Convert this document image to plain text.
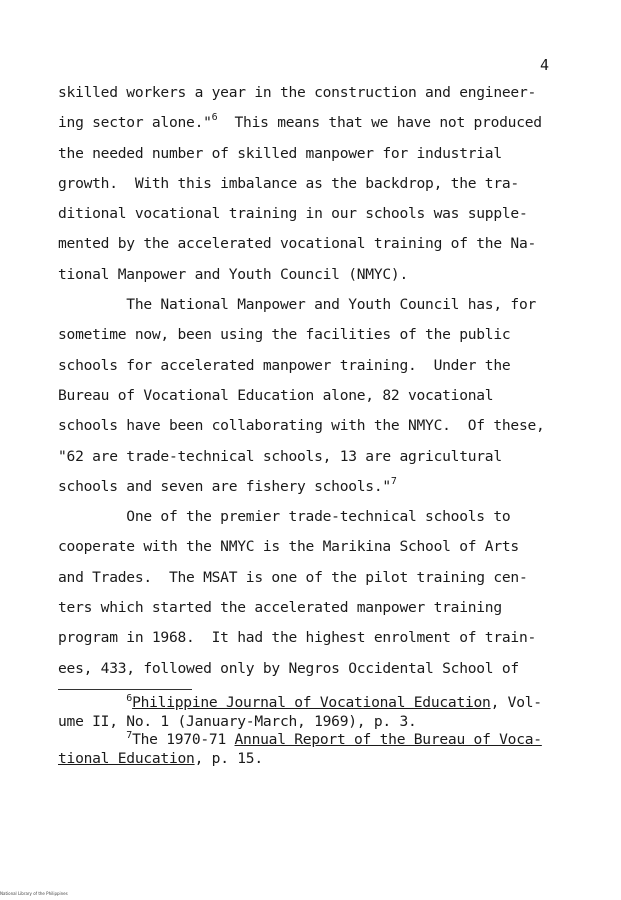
4
skilled workers a year in the construction and engineer-
ing sector alone."$^6$  This means that we have not produced
the needed number of skilled manpower for industrial
growth.  With this imbalance as the backdrop, the tra-
ditional vocational training in our schools was supple-
mented by the accelerated vocational training of the Na-
tional Manpower and Youth Council (NMYC).
The National Manpower and Youth Council has, for
sometime now, been using the facilities of the public
schools for accelerated manpower training.  Under the
Bureau of Vocational Education alone, 82 vocational
schools have been collaborating with the NMYC.  Of these,
"62 are trade-technical schools, 13 are agricultural
schools and seven are fishery schools."$^7$
One of the premier trade-technical schools to
cooperate with the NMYC is the Marikina School of Arts
and Trades.  The MSAT is one of the pilot training cen-
ters which started the accelerated manpower training
program in 1968.  It had the highest enrolment of train-
ees, 433, followed only by Negros Occidental School of
$^6$Philippine Journal of Vocational Education, Vol-
ume II, No. 1 (January-March, 1969), p. 3.
$^7$The 1970-71 Annual Report of the Bureau of Voca-
tional Education, p. 15.
National Library of the Philippines
